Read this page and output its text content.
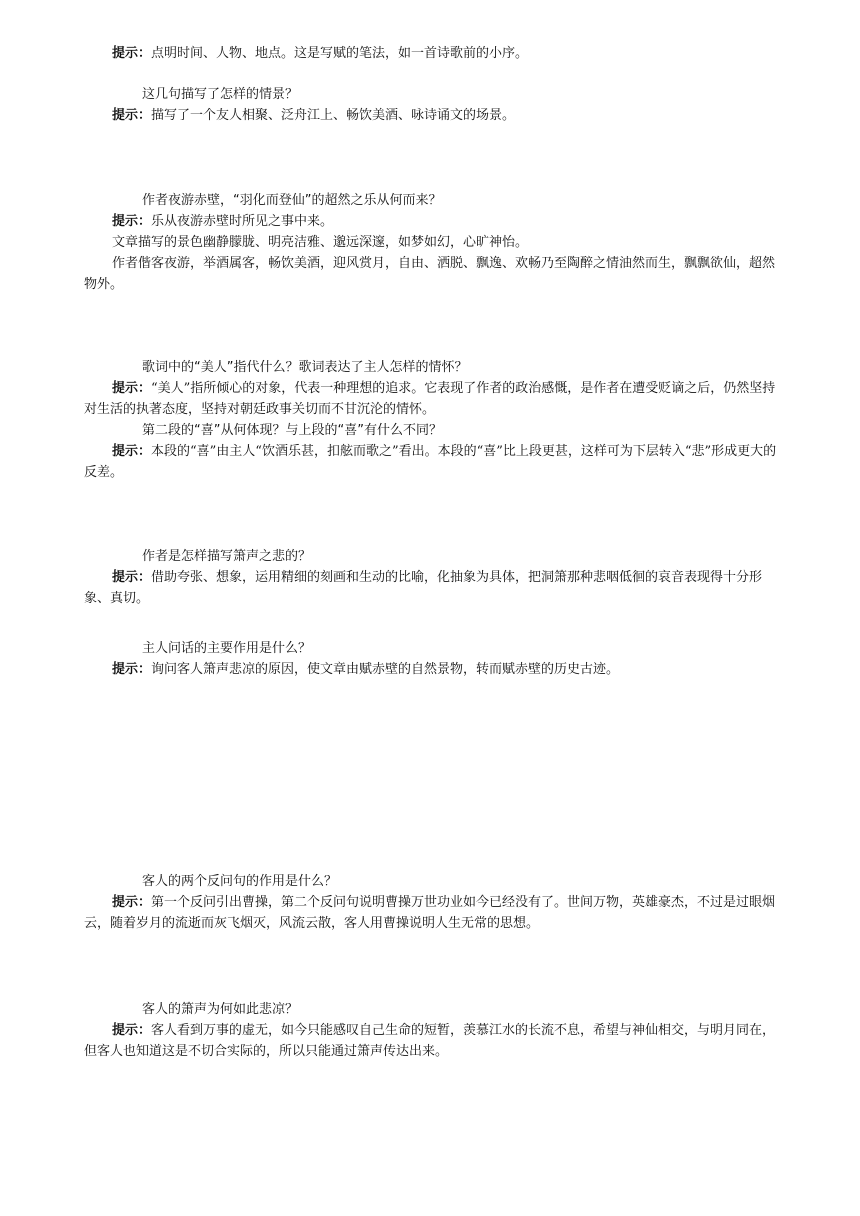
提示：点明时间、人物、地点。这是写赋的笔法，如一首诗歌前的小序。

这几句描写了怎样的情景？

提示：描写了一个友人相聚、泛舟江上、畅饮美酒、咏诗诵文的场景。

作者夜游赤壁，“羽化而登仙”的超然之乐从何而来？

提示：乐从夜游赤壁时所见之事中来。

文章描写的景色幽静朦胧、明亮洁雅、邈远深邃，如梦如幻，心旷神怡。

作者偕客夜游，举酒属客，畅饮美酒，迎风赏月，自由、洒脱、飘逸、欢畅乃至陶醉之情油然而生，飘飘欲仙，超然物外。

歌词中的“美人”指代什么？歌词表达了主人怎样的情怀？

提示：“美人”指所倾心的对象，代表一种理想的追求。它表现了作者的政治感慨，是作者在遭受贬谪之后，仍然坚持对生活的执著态度，坚持对朝廷政事关切而不甘沉沦的情怀。

第二段的“喜”从何体现？与上段的“喜”有什么不同？

提示：本段的“喜”由主人“饮酒乐甚，扣舷而歌之”看出。本段的“喜”比上段更甚，这样可为下层转入“悲”形成更大的反差。

作者是怎样描写箫声之悲的？

提示：借助夸张、想象，运用精细的刻画和生动的比喻，化抽象为具体，把洞箫那种悲咽低徊的哀音表现得十分形象、真切。

主人问话的主要作用是什么？

提示：询问客人箫声悲凉的原因，使文章由赋赤壁的自然景物，转而赋赤壁的历史古迹。

客人的两个反问句的作用是什么？

提示：第一个反问引出曹操，第二个反问句说明曹操万世功业如今已经没有了。世间万物，英雄豪杰，不过是过眼烟云，随着岁月的流逝而灰飞烟灭，风流云散，客人用曹操说明人生无常的思想。

客人的箫声为何如此悲凉？

提示：客人看到万事的虚无，如今只能感叹自己生命的短暂，羡慕江水的长流不息，希望与神仙相交，与明月同在，但客人也知道这是不切合实际的，所以只能通过箫声传达出来。
